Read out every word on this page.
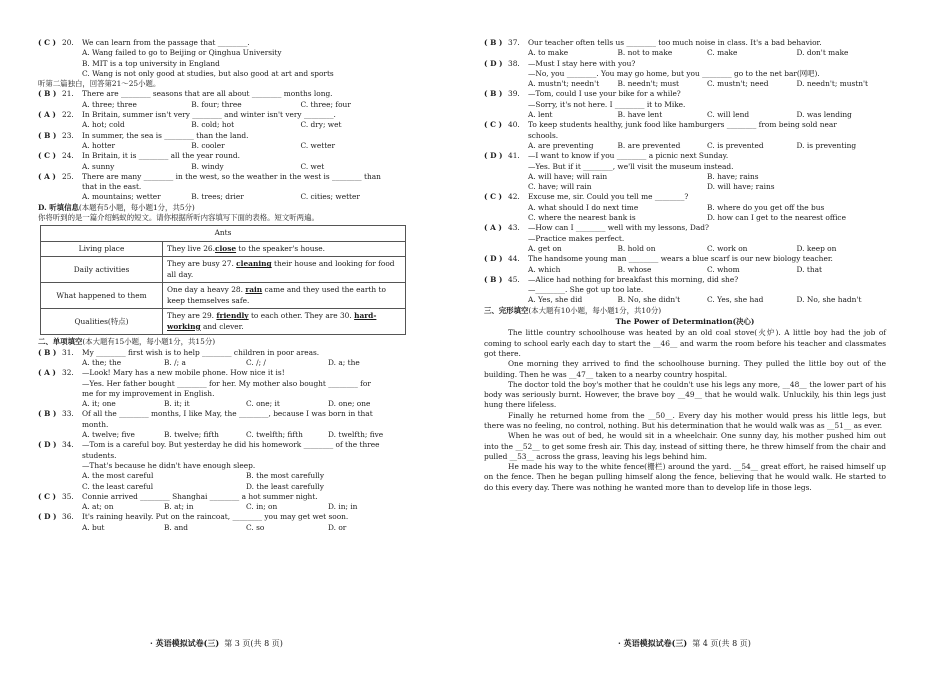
( C ) 20.	We can learn from the passage that ________.
A. Wang failed to go to Beijing or Qinghua University
B. MIT is a top university in England
C. Wang is not only good at studies, but also good at art and sports
听第二篇独白，回答第21～25小题。
( B ) 21.	There are ________ seasons that are all about ________ months long.
A. three; three	B. four; three	C. three; four
( A ) 22.	In Britain, summer isn't very ________ and winter isn't very ________.
A. hot; cold	B. cold; hot	C. dry; wet
( B ) 23.	In summer, the sea is ________ than the land.
A. hotter	B. cooler	C. wetter
( C ) 24.	In Britain, it is ________ all the year round.
A. sunny	B. windy	C. wet
( A ) 25.	There are many ________ in the west, so the weather in the west is ________ than
that in the east.
A. mountains; wetter	B. trees; drier	C. cities; wetter
D. 听填信息(本题有5小题，每小题1分，共5分)
你将听到的是一篇介绍蚂蚁的短文。请你根据所听内容填写下面的表格。短文听两遍。
Ants	
Living place	They live 26.close to the speaker's house.
Daily activities	They are busy 27. cleaning their house and looking for food all day.
What happened to them	One day a heavy 28. rain came and they used the earth to keep themselves safe.
Qualities(特点)	They are 29. friendly to each other. They are 30. hard-working and clever.
二、单项填空(本大题有15小题，每小题1分，共15分)
( B ) 31.	My ________ first wish is to help ________ children in poor areas.
A. the; the	B. /; a	C. /; /	D. a; the
( A ) 32.	—Look! Mary has a new mobile phone. How nice it is!
—Yes. Her father bought ________ for her. My mother also bought ________ for
me for my improvement in English.
A. it; one	B. it; it	C. one; it	D. one; one
( B ) 33.	Of all the ________ months, I like May, the ________, because I was born in that
month.
A. twelve; five	B. twelve; fifth	C. twelfth; fifth	D. twelfth; five
( D ) 34.	—Tom is a careful boy. But yesterday he did his homework ________ of the three
students.
—That's because he didn't have enough sleep.
A. the most careful	B. the most carefully
C. the least careful	D. the least carefully
( C ) 35.	Connie arrived ________ Shanghai ________ a hot summer night.
A. at; on	B. at; in	C. in; on	D. in; in
( D ) 36.	It's raining heavily. Put on the raincoat, ________ you may get wet soon.
A. but	B. and	C. so	D. or
( B ) 37.	Our teacher often tells us ________ too much noise in class. It's a bad behavior.
A. to make	B. not to make	C. make	D. don't make
( D ) 38.	—Must I stay here with you?
—No, you ________. You may go home, but you ________ go to the net bar(网吧).
A. mustn't; needn't	B. needn't; must	C. mustn't; need	D. needn't; mustn't
( B ) 39.	—Tom, could I use your bike for a while?
—Sorry, it's not here. I ________ it to Mike.
A. lent	B. have lent	C. will lend	D. was lending
( C ) 40.	To keep students healthy, junk food like hamburgers ________ from being sold near
schools.
A. are preventing	B. are prevented	C. is prevented	D. is preventing
( D ) 41.	—I want to know if you ________ a picnic next Sunday.
—Yes. But if it ________, we'll visit the museum instead.
A. will have; will rain	B. have; rains
C. have; will rain	D. will have; rains
( C ) 42.	Excuse me, sir. Could you tell me ________?
A. what should I do next time	B. where do you get off the bus
C. where the nearest bank is	D. how can I get to the nearest office
( A ) 43.	—How can I ________ well with my lessons, Dad?
—Practice makes perfect.
A. get on	B. hold on	C. work on	D. keep on
( D ) 44.	The handsome young man ________ wears a blue scarf is our new biology teacher.
A. which	B. whose	C. whom	D. that
( B ) 45.	—Alice had nothing for breakfast this morning, did she?
—________. She got up too late.
A. Yes, she did	B. No, she didn't	C. Yes, she had	D. No, she hadn't
三、完形填空(本大题有10小题，每小题1分，共10分)
The Power of Determination(决心)
The little country schoolhouse was heated by an old coal stove(火炉). A little boy had the job of coming to school early each day to start the __46__ and warm the room before his teacher and classmates got there.
One morning they arrived to find the schoolhouse burning. They pulled the little boy out of the building. Then he was __47__ taken to a nearby country hospital.
The doctor told the boy's mother that he couldn't use his legs any more, __48__ the lower part of his body was seriously burnt. However, the brave boy __49__ that he would walk. Unluckily, his thin legs just hung there lifeless.
Finally he returned home from the __50__. Every day his mother would press his little legs, but there was no feeling, no control, nothing. But his determination that he would walk was as __51__ as ever.
When he was out of bed, he would sit in a wheelchair. One sunny day, his mother pushed him out into the __52__ to get some fresh air. This day, instead of sitting there, he threw himself from the chair and pulled __53__ across the grass, leaving his legs behind him.
He made his way to the white fence(栅栏) around the yard. __54__ great effort, he raised himself up on the fence. Then he began pulling himself along the fence, believing that he would walk. He started to do this every day. There was nothing he wanted more than to develop life in those legs.
· 英语模拟试卷(三) 第 3 页(共 8 页)	· 英语模拟试卷(三) 第 4 页(共 8 页)
